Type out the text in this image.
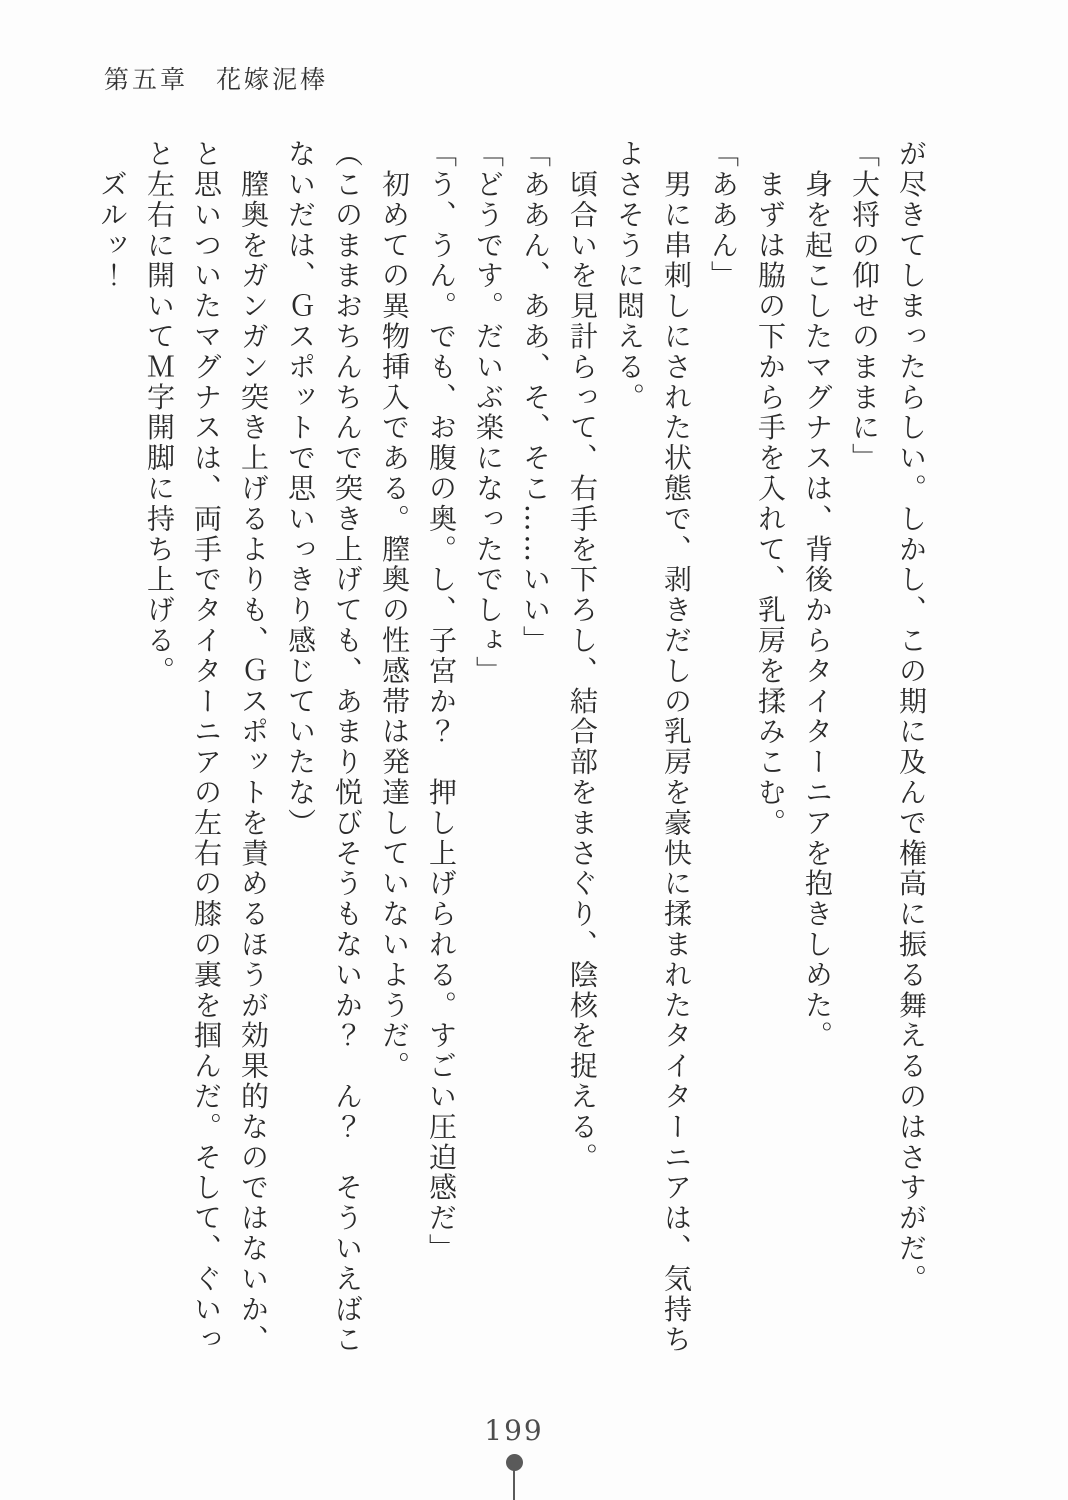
第五章　花嫁泥棒

が尽きてしまったらしい。しかし、この期に及んで権高に振る舞えるのはさすがだ。

「大将の仰せのままに」

　身を起こしたマグナスは、背後からタイターニアを抱きしめた。

　まずは脇の下から手を入れて、乳房を揉みこむ。

「ああん」

　男に串刺しにされた状態で、剥きだしの乳房を豪快に揉まれたタイターニアは、気持ちよさそうに悶える。

　頃合いを見計らって、右手を下ろし、結合部をまさぐり、陰核を捉える。

「ああん、ああ、そ、そこ……いい」

「どうです。だいぶ楽になったでしょ」

「う、うん。でも、お腹の奥。し、子宮か？　押し上げられる。すごい圧迫感だ」

　初めての異物挿入である。膣奥の性感帯は発達していないようだ。

（このままおちんちんで突き上げても、あまり悦びそうもないか？　ん？　そういえばこないだは、Ｇスポットで思いっきり感じていたな）

　膣奥をガンガン突き上げるよりも、Ｇスポットを責めるほうが効果的なのではないか、と思いついたマグナスは、両手でタイターニアの左右の膝の裏を掴んだ。そして、ぐいっと左右に開いてＭ字開脚に持ち上げる。

　ズルッ！

199
